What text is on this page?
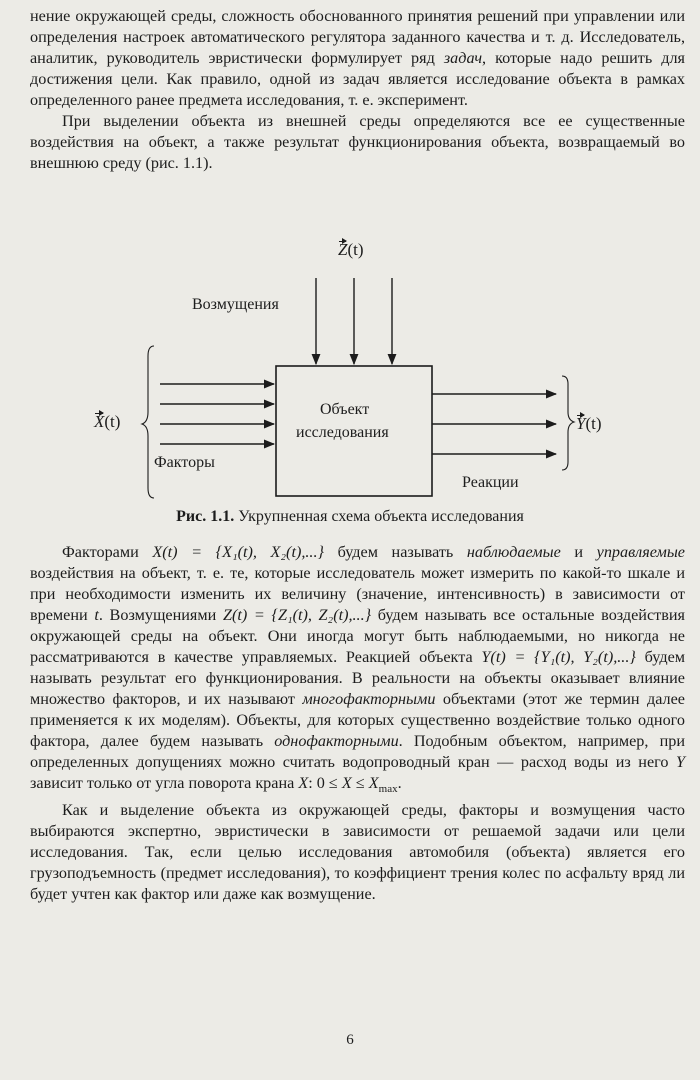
нение окружающей среды, сложность обоснованного принятия решений при управлении или определения настроек автоматического регулятора заданного качества и т. д. Исследователь, аналитик, руководитель эвристически формулирует ряд задач, которые надо решить для достижения цели. Как правило, одной из задач является исследование объекта в рамках определенного ранее предмета исследования, т. е. эксперимент.

При выделении объекта из внешней среды определяются все ее существенные воздействия на объект, а также результат функционирования объекта, возвращаемый во внешнюю среду (рис. 1.1).

Z(t)
Возмущения
X(t)
Объект
исследования	Y(t)
Факторы
Реакции
Рис. 1.1. Укрупненная схема объекта исследования

Факторами X(t) = {X₁(t), X₂(t),...} будем называть наблюдаемые и управляемые воздействия на объект, т. е. те, которые исследователь может измерить по какой-то шкале и при необходимости изменить их величину (значение, интенсивность) в зависимости от времени t. Возмущениями Z(t) = {Z₁(t), Z₂(t),...} будем называть все остальные воздействия окружающей среды на объект. Они иногда могут быть наблюдаемыми, но никогда не рассматриваются в качестве управляемых. Реакцией объекта Y(t) = {Y₁(t), Y₂(t),...} будем называть результат его функционирования. В реальности на объекты оказывает влияние множество факторов, и их называют многофакторными объектами (этот же термин далее применяется к их моделям). Объекты, для которых существенно воздействие только одного фактора, далее будем называть однофакторными. Подобным объектом, например, при определенных допущениях можно считать водопроводный кран — расход воды из него Y зависит только от угла поворота крана X: $0 \le X \le X_{max}$.

Как и выделение объекта из окружающей среды, факторы и возмущения часто выбираются экспертно, эвристически в зависимости от решаемой задачи или цели исследования. Так, если целью исследования автомобиля (объекта) является его грузоподъемность (предмет исследования), то коэффициент трения колес по асфальту вряд ли будет учтен как фактор или даже как возмущение.

6
